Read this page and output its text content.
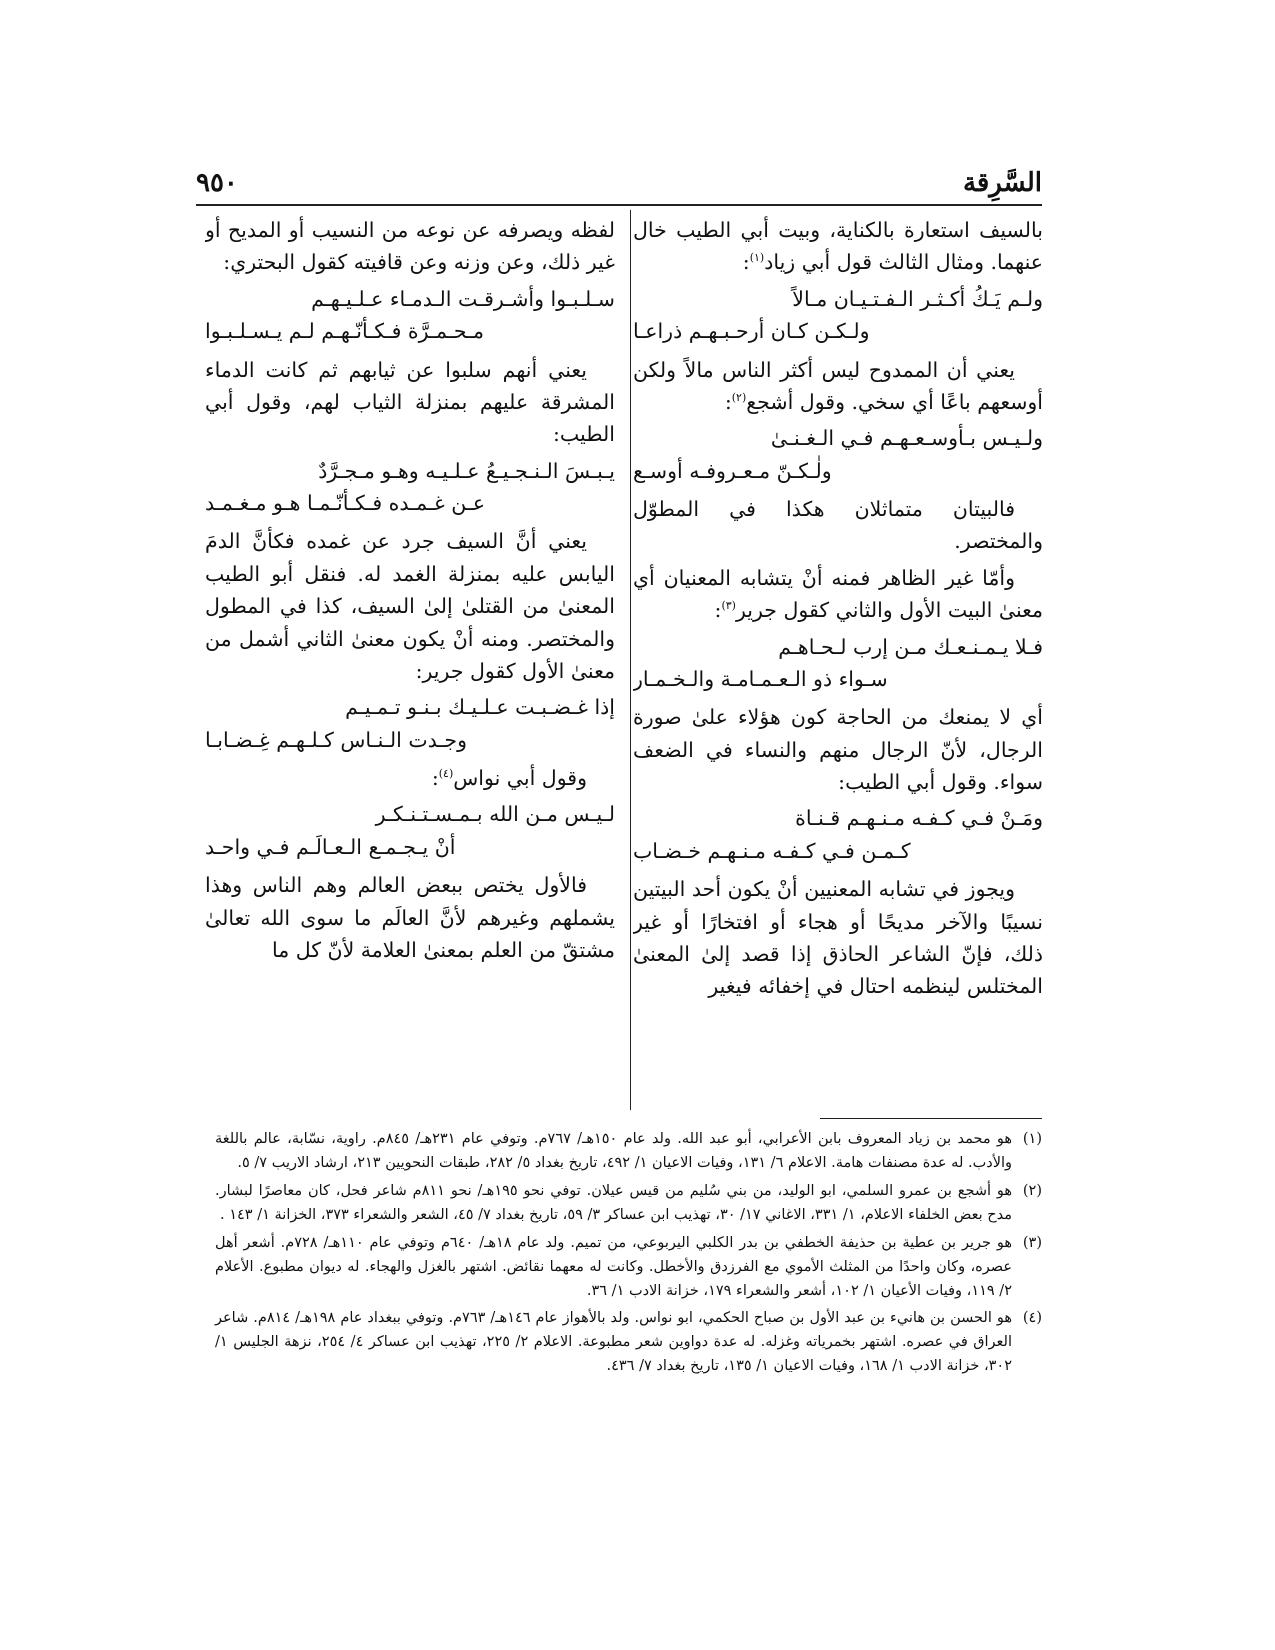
٩٥٠	السَّرِقة

بالسيف استعارة بالكناية، وبيت أبي الطيب خال عنهما. ومثال الثالث قول أبي زياد$^{(١)}$:

ولـم يَـكُ أكـثـر الـفـتـيـان مـالاً
ولـكـن كـان أرحـبـهـم ذراعـا

يعني أن الممدوح ليس أكثر الناس مالاً ولكن أوسعهم باعًا أي سخي. وقول أشجع$^{(٢)}$:

ولـيـس بـأوسـعـهـم فـي الـغـنـىٰ
ولٰـكـنّ مـعـروفـه أوسـع

فالبيتان متماثلان هكذا في المطوّل والمختصر.

وأمّا غير الظاهر فمنه أنْ يتشابه المعنيان أي معنىٰ البيت الأول والثاني كقول جرير$^{(٣)}$:

فـلا يـمـنـعـك مـن إرب لـحـاهـم
سـواء ذو الـعـمـامـة والـخـمـار

أي لا يمنعك من الحاجة كون هؤلاء علىٰ صورة الرجال، لأنّ الرجال منهم والنساء في الضعف سواء. وقول أبي الطيب:

ومَـنْ فـي كـفـه مـنـهـم قـنـاة
كـمـن فـي كـفـه مـنـهـم خـضـاب

ويجوز في تشابه المعنيين أنْ يكون أحد البيتين نسيبًا والآخر مديحًا أو هجاء أو افتخارًا أو غير ذلك، فإنّ الشاعر الحاذق إذا قصد إلىٰ المعنىٰ المختلس لينظمه احتال في إخفائه فيغير

لفظه ويصرفه عن نوعه من النسيب أو المديح أو غير ذلك، وعن وزنه وعن قافيته كقول البحتري:

سـلـبـوا وأشـرقـت الـدمـاء عـلـيـهـم
مـحـمـرَّة فـكـأنّـهـم لـم يـسـلـبـوا

يعني أنهم سلبوا عن ثيابهم ثم كانت الدماء المشرقة عليهم بمنزلة الثياب لهم، وقول أبي الطيب:

يـبـسَ الـنـجـيـعُ عـلـيـه وهـو مـجـرَّدٌ
عـن غـمـده فـكـأنّـمـا هـو مـغـمـد

يعني أنَّ السيف جرد عن غمده فكأنَّ الدمَ اليابس عليه بمنزلة الغمد له. فنقل أبو الطيب المعنىٰ من القتلىٰ إلىٰ السيف، كذا في المطول والمختصر. ومنه أنْ يكون معنىٰ الثاني أشمل من معنىٰ الأول كقول جرير:

إذا غـضـبـت عـلـيـك بـنـو تـمـيـم
وجـدت الـنـاس كـلـهـم غِـضـابـا

وقول أبي نواس$^{(٤)}$:

لـيـس مـن الله بـمـسـتـنـكـر
أنْ يـجـمـع الـعـالَـم فـي واحـد

فالأول يختص ببعض العالم وهم الناس وهذا يشملهم وغيرهم لأنَّ العالَم ما سوى الله تعالىٰ مشتقّ من العلم بمعنىٰ العلامة لأنّ كل ما

(١)
هو محمد بن زياد المعروف بابن الأعرابي، أبو عبد الله. ولد عام ١٥٠هـ/ ٧٦٧م. وتوفي عام ٢٣١هـ/ ٨٤٥م. راوية، نسّابة، عالم باللغة والأدب. له عدة مصنفات هامة. الاعلام ٦/ ١٣١، وفيات الاعيان ١/ ٤٩٢، تاريخ بغداد ٥/ ٢٨٢، طبقات النحويين ٢١٣، ارشاد الاريب ٧/ ٥.
(٢)
هو أشجع بن عمرو السلمي، ابو الوليد، من بني سُليم من قيس عيلان. توفي نحو ١٩٥هـ/ نحو ٨١١م شاعر فحل، كان معاصرًا لبشار. مدح بعض الخلفاء الاعلام، ١/ ٣٣١، الاغاني ١٧/ ٣٠، تهذيب ابن عساكر ٣/ ٥٩، تاريخ بغداد ٧/ ٤٥، الشعر والشعراء ٣٧٣، الخزانة ١/ ١٤٣ .
(٣)
هو جرير بن عطية بن حذيفة الخطفي بن بدر الكلبي اليربوعي، من تميم. ولد عام ١٨هـ/ ٦٤٠م وتوفي عام ١١٠هـ/ ٧٢٨م. أشعر أهل عصره، وكان واحدًا من المثلث الأموي مع الفرزدق والأخطل. وكانت له معهما نقائض. اشتهر بالغزل والهجاء. له ديوان مطبوع. الأعلام ٢/ ١١٩، وفيات الأعيان ١/ ١٠٢، أشعر والشعراء ١٧٩، خزانة الادب ١/ ٣٦.
(٤)
هو الحسن بن هانيء بن عبد الأول بن صباح الحكمي، ابو نواس. ولد بالأهواز عام ١٤٦هـ/ ٧٦٣م. وتوفي ببغداد عام ١٩٨هـ/ ٨١٤م. شاعر العراق في عصره. اشتهر بخمرياته وغزله. له عدة دواوين شعر مطبوعة. الاعلام ٢/ ٢٢٥، تهذيب ابن عساكر ٤/ ٢٥٤، نزهة الجليس ١/ ٣٠٢، خزانة الادب ١/ ١٦٨، وفيات الاعيان ١/ ١٣٥، تاريخ بغداد ٧/ ٤٣٦.
